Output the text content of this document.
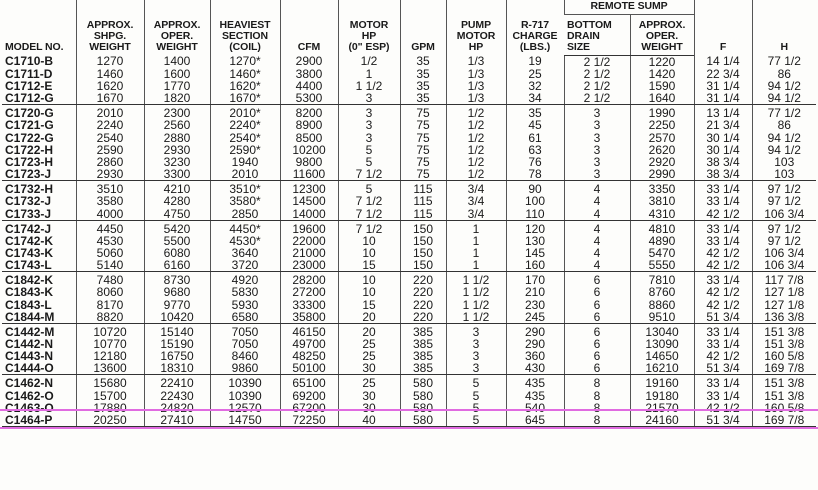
MODEL NO.	APPROX.
SHPG.
WEIGHT	APPROX.
OPER.
WEIGHT	HEAVIEST
SECTION
(COIL)	CFM	MOTOR
HP
(0" ESP)	GPM	PUMP
MOTOR
HP	R-717
CHARGE
(LBS.)	REMOTE SUMP		F	H

									BOTTOM
DRAIN
SIZE	APPROX.
OPER.
WEIGHT		

C1710-B	1270	1400	1270*	2900	1/2	35	1/3	19	2 1/2	1220	14 1/4	77 1/2
C1711-D	1460	1600	1460*	3800	1	35	1/3	25	2 1/2	1420	22 3/4	86
C1712-E	1620	1770	1620*	4400	1 1/2	35	1/3	32	2 1/2	1590	31 1/4	94 1/2
C1712-G	1670	1820	1670*	5300	3	35	1/3	34	2 1/2	1640	31 1/4	94 1/2
C1720-G	2010	2300	2010*	8200	3	75	1/2	35	3	1990	13 1/4	77 1/2
C1721-G	2240	2560	2240*	8900	3	75	1/2	45	3	2250	21 3/4	86
C1722-G	2540	2880	2540*	8500	3	75	1/2	61	3	2570	30 1/4	94 1/2
C1722-H	2590	2930	2590*	10200	5	75	1/2	63	3	2620	30 1/4	94 1/2
C1723-H	2860	3230	1940	9800	5	75	1/2	76	3	2920	38 3/4	103
C1723-J	2930	3300	2010	11600	7 1/2	75	1/2	78	3	2990	38 3/4	103
C1732-H	3510	4210	3510*	12300	5	115	3/4	90	4	3350	33 1/4	97 1/2
C1732-J	3580	4280	3580*	14500	7 1/2	115	3/4	100	4	3810	33 1/4	97 1/2
C1733-J	4000	4750	2850	14000	7 1/2	115	3/4	110	4	4310	42 1/2	106 3/4
C1742-J	4450	5420	4450*	19600	7 1/2	150	1	120	4	4810	33 1/4	97 1/2
C1742-K	4530	5500	4530*	22000	10	150	1	130	4	4890	33 1/4	97 1/2
C1743-K	5060	6080	3640	21000	10	150	1	145	4	5470	42 1/2	106 3/4
C1743-L	5140	6160	3720	23000	15	150	1	160	4	5550	42 1/2	106 3/4
C1842-K	7480	8730	4920	28200	10	220	1 1/2	170	6	7810	33 1/4	117 7/8
C1843-K	8060	9680	5830	27200	10	220	1 1/2	210	6	8760	42 1/2	127 1/8
C1843-L	8170	9770	5930	33300	15	220	1 1/2	230	6	8860	42 1/2	127 1/8
C1844-M	8820	10420	6580	35800	20	220	1 1/2	245	6	9510	51 3/4	136 3/8
C1442-M	10720	15140	7050	46150	20	385	3	290	6	13040	33 1/4	151 3/8
C1442-N	10770	15190	7050	49700	25	385	3	290	6	13090	33 1/4	151 3/8
C1443-N	12180	16750	8460	48250	25	385	3	360	6	14650	42 1/2	160 5/8
C1444-O	13600	18310	9860	50100	30	385	3	430	6	16210	51 3/4	169 7/8
C1462-N	15680	22410	10390	65100	25	580	5	435	8	19160	33 1/4	151 3/8
C1462-O	15700	22430	10390	69200	30	580	5	435	8	19180	33 1/4	151 3/8
C1463-O	17880	24820	12570	67200	30	580	5	540	8	21570	42 1/2	160 5/8
C1464-P	20250	27410	14750	72250	40	580	5	645	8	24160	51 3/4	169 7/8
